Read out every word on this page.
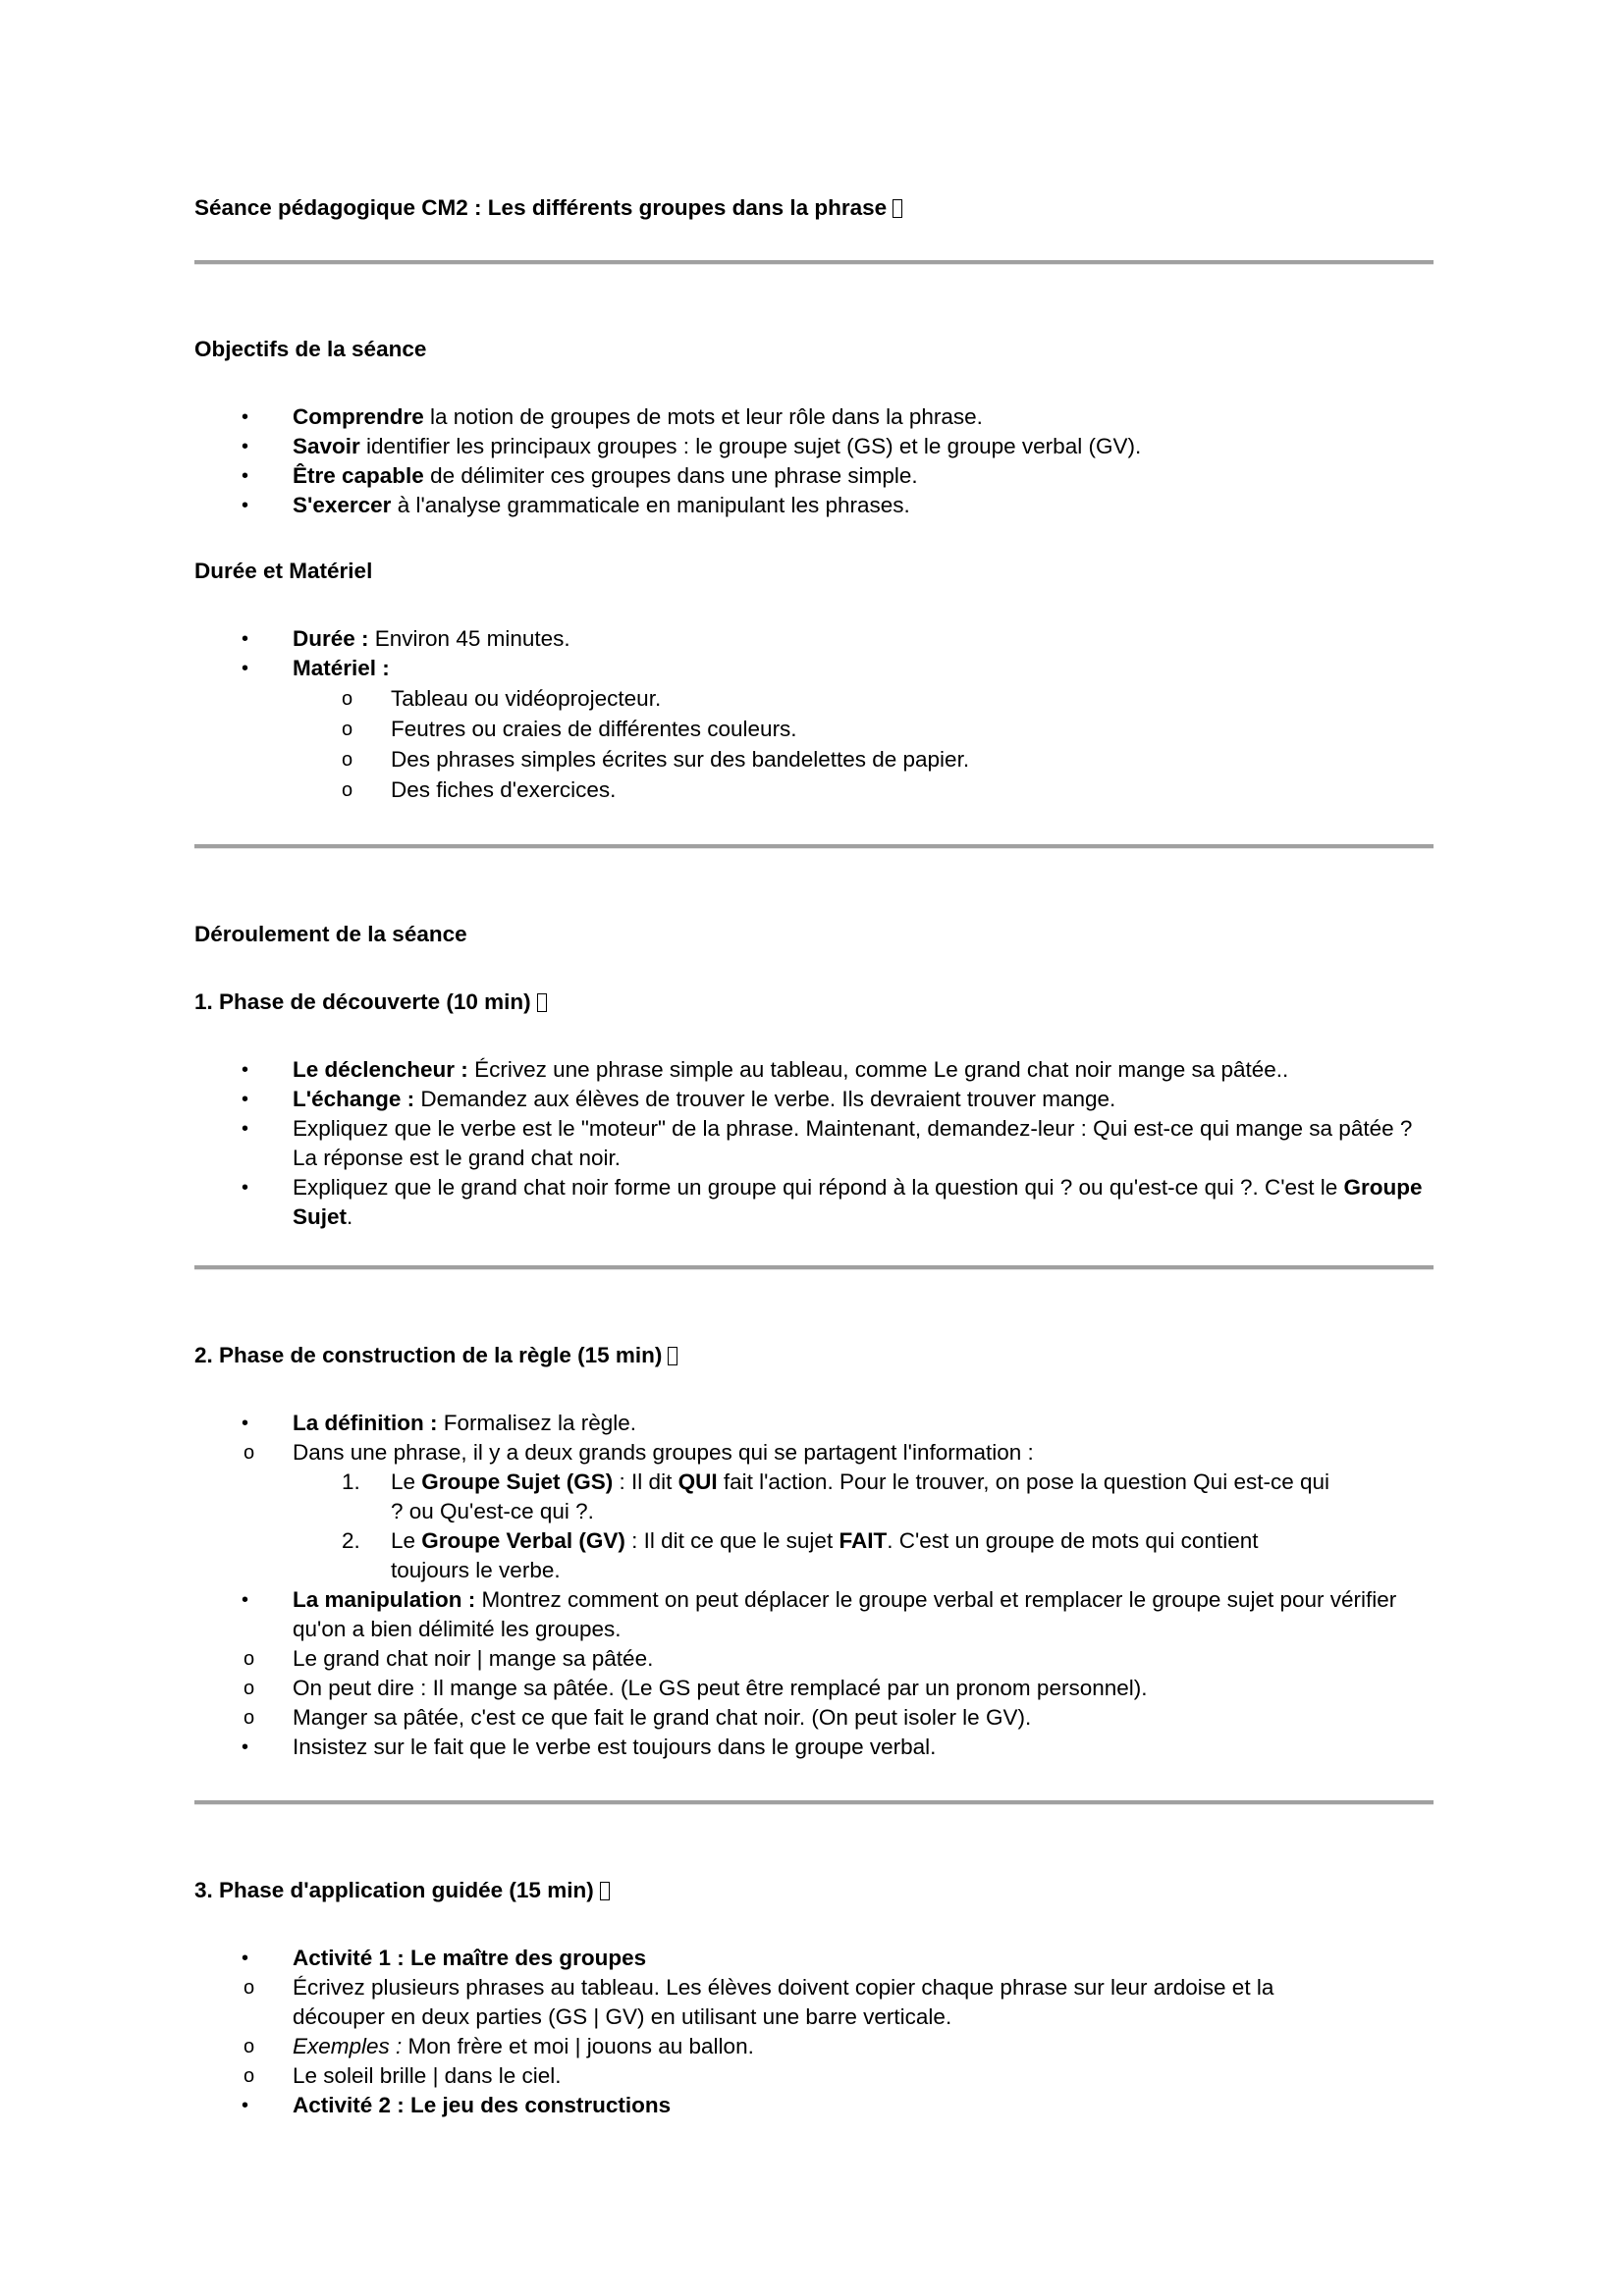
Séance pédagogique CM2 : Les différents groupes dans la phrase
Objectifs de la séance
• Comprendre la notion de groupes de mots et leur rôle dans la phrase.
• Savoir identifier les principaux groupes : le groupe sujet (GS) et le groupe verbal (GV).
• Être capable de délimiter ces groupes dans une phrase simple.
• S'exercer à l'analyse grammaticale en manipulant les phrases.
Durée et Matériel
• Durée : Environ 45 minutes.
• Matériel :
o Tableau ou vidéoprojecteur.
o Feutres ou craies de différentes couleurs.
o Des phrases simples écrites sur des bandelettes de papier.
o Des fiches d'exercices.
Déroulement de la séance
1. Phase de découverte (10 min)
• Le déclencheur : Écrivez une phrase simple au tableau, comme Le grand chat noir mange sa pâtée..
• L'échange : Demandez aux élèves de trouver le verbe. Ils devraient trouver mange.
• Expliquez que le verbe est le "moteur" de la phrase. Maintenant, demandez-leur : Qui est-ce qui mange sa pâtée ? La réponse est le grand chat noir.
• Expliquez que le grand chat noir forme un groupe qui répond à la question qui ? ou qu'est-ce qui ?. C'est le Groupe Sujet.
2. Phase de construction de la règle (15 min)
• La définition : Formalisez la règle.
o Dans une phrase, il y a deux grands groupes qui se partagent l'information :
1. Le Groupe Sujet (GS) : Il dit QUI fait l'action. Pour le trouver, on pose la question Qui est-ce qui ? ou Qu'est-ce qui ?.
2. Le Groupe Verbal (GV) : Il dit ce que le sujet FAIT. C'est un groupe de mots qui contient toujours le verbe.
• La manipulation : Montrez comment on peut déplacer le groupe verbal et remplacer le groupe sujet pour vérifier qu'on a bien délimité les groupes.
o Le grand chat noir | mange sa pâtée.
o On peut dire : Il mange sa pâtée. (Le GS peut être remplacé par un pronom personnel).
o Manger sa pâtée, c'est ce que fait le grand chat noir. (On peut isoler le GV).
• Insistez sur le fait que le verbe est toujours dans le groupe verbal.
3. Phase d'application guidée (15 min)
• Activité 1 : Le maître des groupes
o Écrivez plusieurs phrases au tableau. Les élèves doivent copier chaque phrase sur leur ardoise et la découper en deux parties (GS | GV) en utilisant une barre verticale.
o Exemples : Mon frère et moi | jouons au ballon.
o Le soleil brille | dans le ciel.
• Activité 2 : Le jeu des constructions
